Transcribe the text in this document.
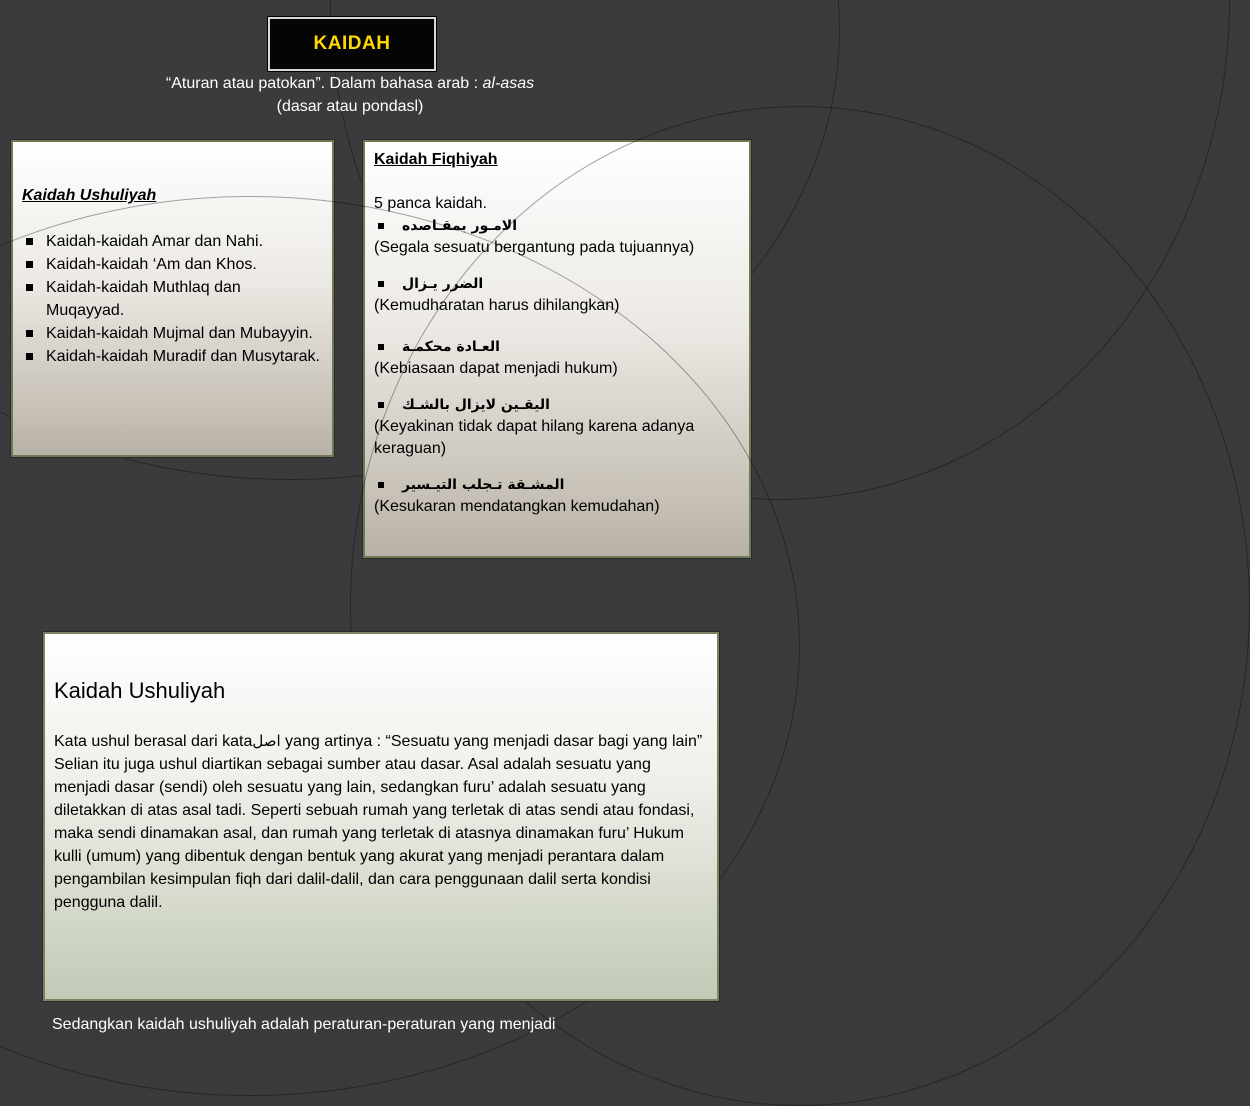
KAIDAH
“Aturan atau patokan”. Dalam bahasa arab : al-asas
(dasar atau pondasl)
Kaidah Ushuliyah
Kaidah-kaidah Amar dan Nahi.
Kaidah-kaidah ‘Am dan Khos.
Kaidah-kaidah Muthlaq dan Muqayyad.
Kaidah-kaidah Mujmal dan Mubayyin.
Kaidah-kaidah Muradif dan Musytarak.
Kaidah Fiqhiyah
5 panca kaidah.
الامـور بمقـاصده
(Segala sesuatu bergantung pada tujuannya)
الضرر يـزال
(Kemudharatan harus dihilangkan)
العـادة محكمـة
(Kebiasaan dapat menjadi hukum)
اليقـين لايزال بالشـك
(Keyakinan tidak dapat hilang karena adanya keraguan)
المشـقة تـجلب التيـسير
(Kesukaran mendatangkan kemudahan)
Kaidah Ushuliyah

Kata ushul berasal dari kataاصل yang artinya : “Sesuatu yang menjadi dasar bagi yang lain” Selian itu juga ushul diartikan sebagai sumber atau dasar. Asal adalah sesuatu yang menjadi dasar (sendi) oleh sesuatu yang lain, sedangkan furu’ adalah sesuatu yang diletakkan di atas asal tadi. Seperti sebuah rumah yang terletak di atas sendi atau fondasi, maka sendi dinamakan asal, dan rumah yang terletak di atasnya dinamakan furu’ Hukum kulli (umum) yang dibentuk dengan bentuk yang akurat yang menjadi perantara dalam pengambilan kesimpulan fiqh dari dalil-dalil, dan cara penggunaan dalil serta kondisi pengguna dalil.

Sedangkan kaidah ushuliyah adalah peraturan-peraturan yang menjadi
